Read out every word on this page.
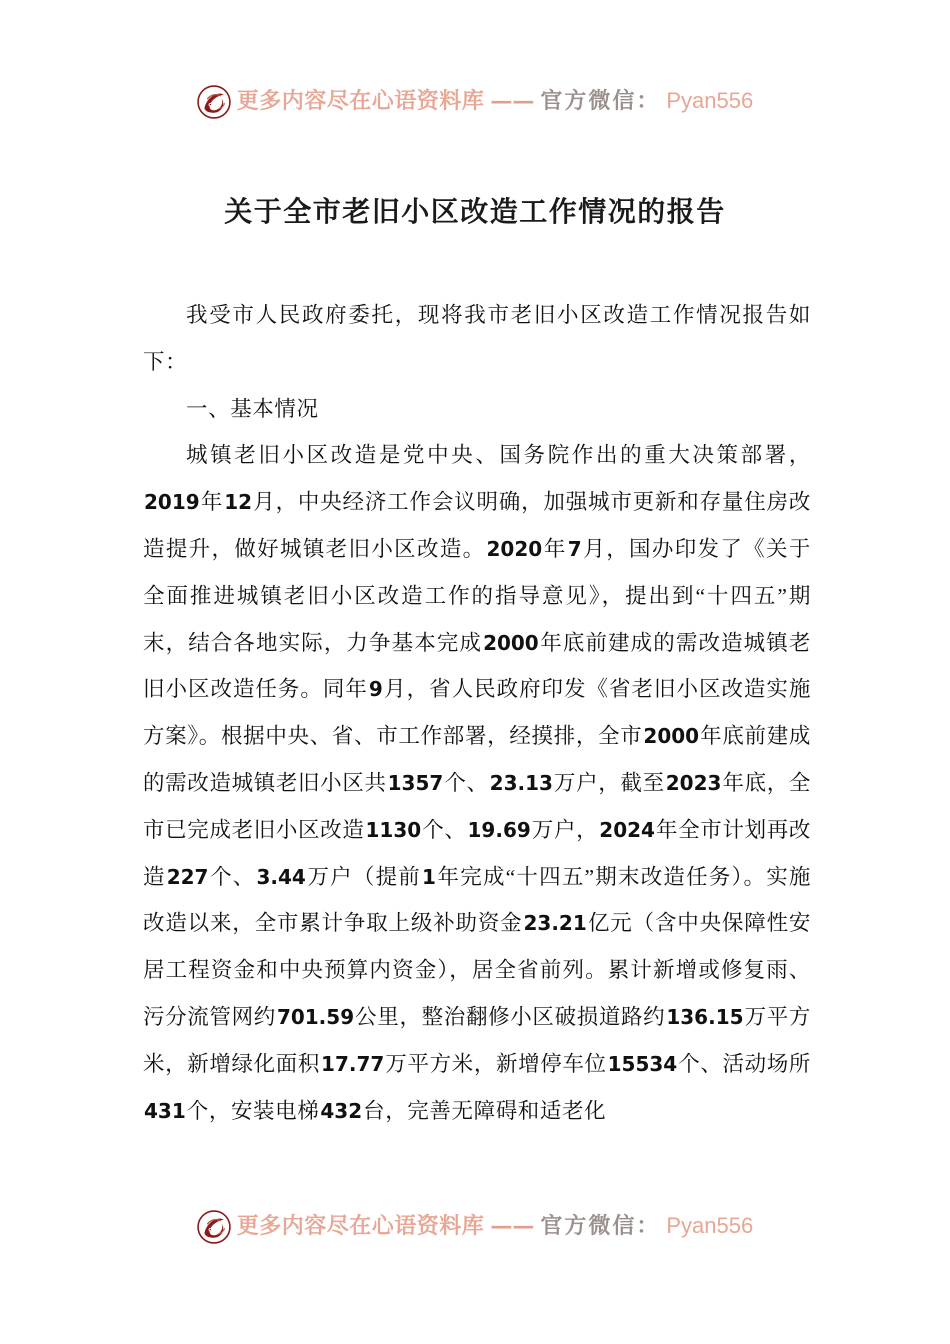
更多内容尽在心语资料库 —— 官方微信： Pyan556
关于全市老旧小区改造工作情况的报告

我受市人民政府委托，现将我市老旧小区改造工作情况报告如下：

一、基本情况

城镇老旧小区改造是党中央、国务院作出的重大决策部署，2019年12月，中央经济工作会议明确，加强城市更新和存量住房改造提升，做好城镇老旧小区改造。2020年7月，国办印发了《关于全面推进城镇老旧小区改造工作的指导意见》，提出到“十四五”期末，结合各地实际，力争基本完成2000年底前建成的需改造城镇老旧小区改造任务。同年9月，省人民政府印发《省老旧小区改造实施方案》。根据中央、省、市工作部署，经摸排，全市2000年底前建成的需改造城镇老旧小区共1357个、23.13万户，截至2023年底，全市已完成老旧小区改造1130个、19.69万户，2024年全市计划再改造227个、3.44万户（提前1年完成“十四五”期末改造任务）。实施改造以来，全市累计争取上级补助资金23.21亿元（含中央保障性安居工程资金和中央预算内资金），居全省前列。累计新增或修复雨、污分流管网约701.59公里，整治翻修小区破损道路约136.15万平方米，新增绿化面积17.77万平方米，新增停车位15534个、活动场所431个，安装电梯432台，完善无障碍和适老化

更多内容尽在心语资料库 —— 官方微信： Pyan556
